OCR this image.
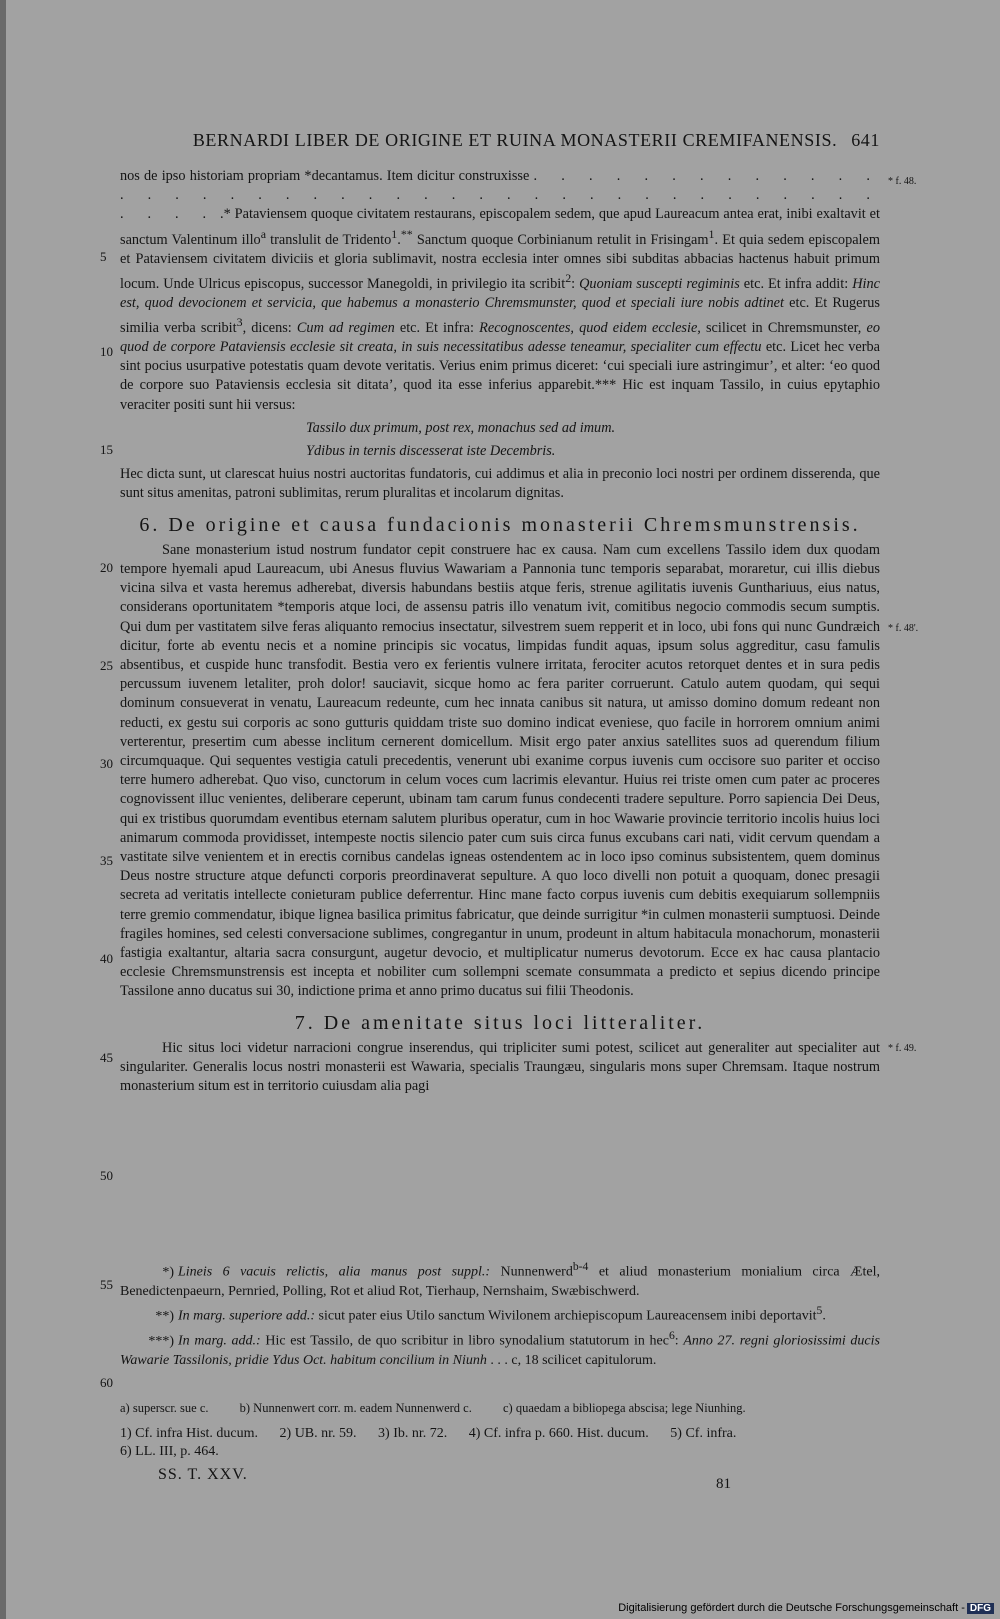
BERNARDI LIBER DE ORIGINE ET RUINA MONASTERII CREMIFANENSIS. 641
5
10
15
20
25
30
35
40
45
50
55
60
* f. 48.
* f. 48'.
* f. 49.

nos de ipso historiam propriam *decantamus. Item dicitur construxisse . . . . . . . . . . . . . . . . . . . . . . . . . . . . . . . . . . . . . . . . . . . . . .* Pataviensem quoque civitatem restaurans, episcopalem sedem, que apud Laureacum antea erat, inibi exaltavit et sanctum Valentinum illo$^a$ translulit de Tridento$^1$.** Sanctum quoque Corbinianum retulit in Frisingam$^1$. Et quia sedem episcopalem et Pataviensem civitatem diviciis et gloria sublimavit, nostra ecclesia inter omnes sibi subditas abbacias hactenus habuit primum locum. Unde Ulricus episcopus, successor Manegoldi, in privilegio ita scribit$^2$: Quoniam suscepti regiminis etc. Et infra addit: Hinc est, quod devocionem et servicia, que habemus a monasterio Chremsmunster, quod et speciali iure nobis adtinet etc. Et Rugerus similia verba scribit$^3$, dicens: Cum ad regimen etc. Et infra: Recognoscentes, quod eidem ecclesie, scilicet in Chremsmunster, eo quod de corpore Pataviensis ecclesie sit creata, in suis necessitatibus adesse teneamur, specialiter cum effectu etc. Licet hec verba sint pocius usurpative potestatis quam devote veritatis. Verius enim primus diceret: ‘cui speciali iure astringimur’, et alter: ‘eo quod de corpore suo Pataviensis ecclesia sit ditata’, quod ita esse inferius apparebit.*** Hic est inquam Tassilo, in cuius epytaphio veraciter positi sunt hii versus:

Tassilo dux primum, post rex, monachus sed ad imum.

Ydibus in ternis discesserat iste Decembris.

Hec dicta sunt, ut clarescat huius nostri auctoritas fundatoris, cui addimus et alia in preconio loci nostri per ordinem disserenda, que sunt situs amenitas, patroni sublimitas, rerum pluralitas et incolarum dignitas.

6. De origine et causa fundacionis monasterii Chremsmunstrensis.

Sane monasterium istud nostrum fundator cepit construere hac ex causa. Nam cum excellens Tassilo idem dux quodam tempore hyemali apud Laureacum, ubi Anesus fluvius Wawariam a Pannonia tunc temporis separabat, moraretur, cui illis diebus vicina silva et vasta heremus adherebat, diversis habundans bestiis atque feris, strenue agilitatis iuvenis Gunthariuus, eius natus, considerans oportunitatem *temporis atque loci, de assensu patris illo venatum ivit, comitibus negocio commodis secum sumptis. Qui dum per vastitatem silve feras aliquanto remocius insectatur, silvestrem suem repperit et in loco, ubi fons qui nunc Gundræich dicitur, forte ab eventu necis et a nomine principis sic vocatus, limpidas fundit aquas, ipsum solus aggreditur, casu famulis absentibus, et cuspide hunc transfodit. Bestia vero ex ferientis vulnere irritata, ferociter acutos retorquet dentes et in sura pedis percussum iuvenem letaliter, proh dolor! sauciavit, sicque homo ac fera pariter corruerunt. Catulo autem quodam, qui sequi dominum consueverat in venatu, Laureacum redeunte, cum hec innata canibus sit natura, ut amisso domino domum redeant non reducti, ex gestu sui corporis ac sono gutturis quiddam triste suo domino indicat eveniese, quo facile in horrorem omnium animi verterentur, presertim cum abesse inclitum cernerent domicellum. Misit ergo pater anxius satellites suos ad querendum filium circumquaque. Qui sequentes vestigia catuli precedentis, venerunt ubi exanime corpus iuvenis cum occisore suo pariter et occiso terre humero adherebat. Quo viso, cunctorum in celum voces cum lacrimis elevantur. Huius rei triste omen cum pater ac proceres cognovissent illuc venientes, deliberare ceperunt, ubinam tam carum funus condecenti tradere sepulture. Porro sapiencia Dei Deus, qui ex tristibus quorumdam eventibus eternam salutem pluribus operatur, cum in hoc Wawarie provincie territorio incolis huius loci animarum commoda providisset, intempeste noctis silencio pater cum suis circa funus excubans cari nati, vidit cervum quendam a vastitate silve venientem et in erectis cornibus candelas igneas ostendentem ac in loco ipso cominus subsistentem, quem dominus Deus nostre structure atque defuncti corporis preordinaverat sepulture. A quo loco divelli non potuit a quoquam, donec presagii secreta ad veritatis intellecte conieturam publice deferrentur. Hinc mane facto corpus iuvenis cum debitis exequiarum sollempniis terre gremio commendatur, ibique lignea basilica primitus fabricatur, que deinde surrigitur *in culmen monasterii sumptuosi. Deinde fragiles homines, sed celesti conversacione sublimes, congregantur in unum, prodeunt in altum habitacula monachorum, monasterii fastigia exaltantur, altaria sacra consurgunt, augetur devocio, et multiplicatur numerus devotorum. Ecce ex hac causa plantacio ecclesie Chremsmunstrensis est incepta et nobiliter cum sollempni scemate consummata a predicto et sepius dicendo principe Tassilone anno ducatus sui 30, indictione prima et anno primo ducatus sui filii Theodonis.

7. De amenitate situs loci litteraliter.

Hic situs loci videtur narracioni congrue inserendus, qui tripliciter sumi potest, scilicet aut generaliter aut specialiter aut singulariter. Generalis locus nostri monasterii est Wawaria, specialis Traungæu, singularis mons super Chremsam. Itaque nostrum monasterium situm est in territorio cuiusdam alia pagi

*) Lineis 6 vacuis relictis, alia manus post suppl.: Nunnenwerd$^{b-4}$ et aliud monasterium monialium circa Ætel, Benedictenpaeurn, Pernried, Polling, Rot et aliud Rot, Tierhaup, Nernshaim, Swæbischwerd.

**) In marg. superiore add.: sicut pater eius Utilo sanctum Wivilonem archiepiscopum Laureacensem inibi deportavit$^5$.

***) In marg. add.: Hic est Tassilo, de quo scribitur in libro synodalium statutorum in hec$^6$: Anno 27. regni gloriosissimi ducis Wawarie Tassilonis, pridie Ydus Oct. habitum concilium in Niunh . . . c, 18 scilicet capitulorum.

a) superscr. sue c. b) Nunnenwert corr. m. eadem Nunnenwerd c. c) quaedam a bibliopega abscisa; lege Niunhing.
1) Cf. infra Hist. ducum. 2) UB. nr. 59. 3) Ib. nr. 72. 4) Cf. infra p. 660. Hist. ducum. 5) Cf. infra.
6) LL. III, p. 464.
SS. T. XXV.
81
Digitalisierung gefördert durch die Deutsche Forschungsgemeinschaft - DFG
